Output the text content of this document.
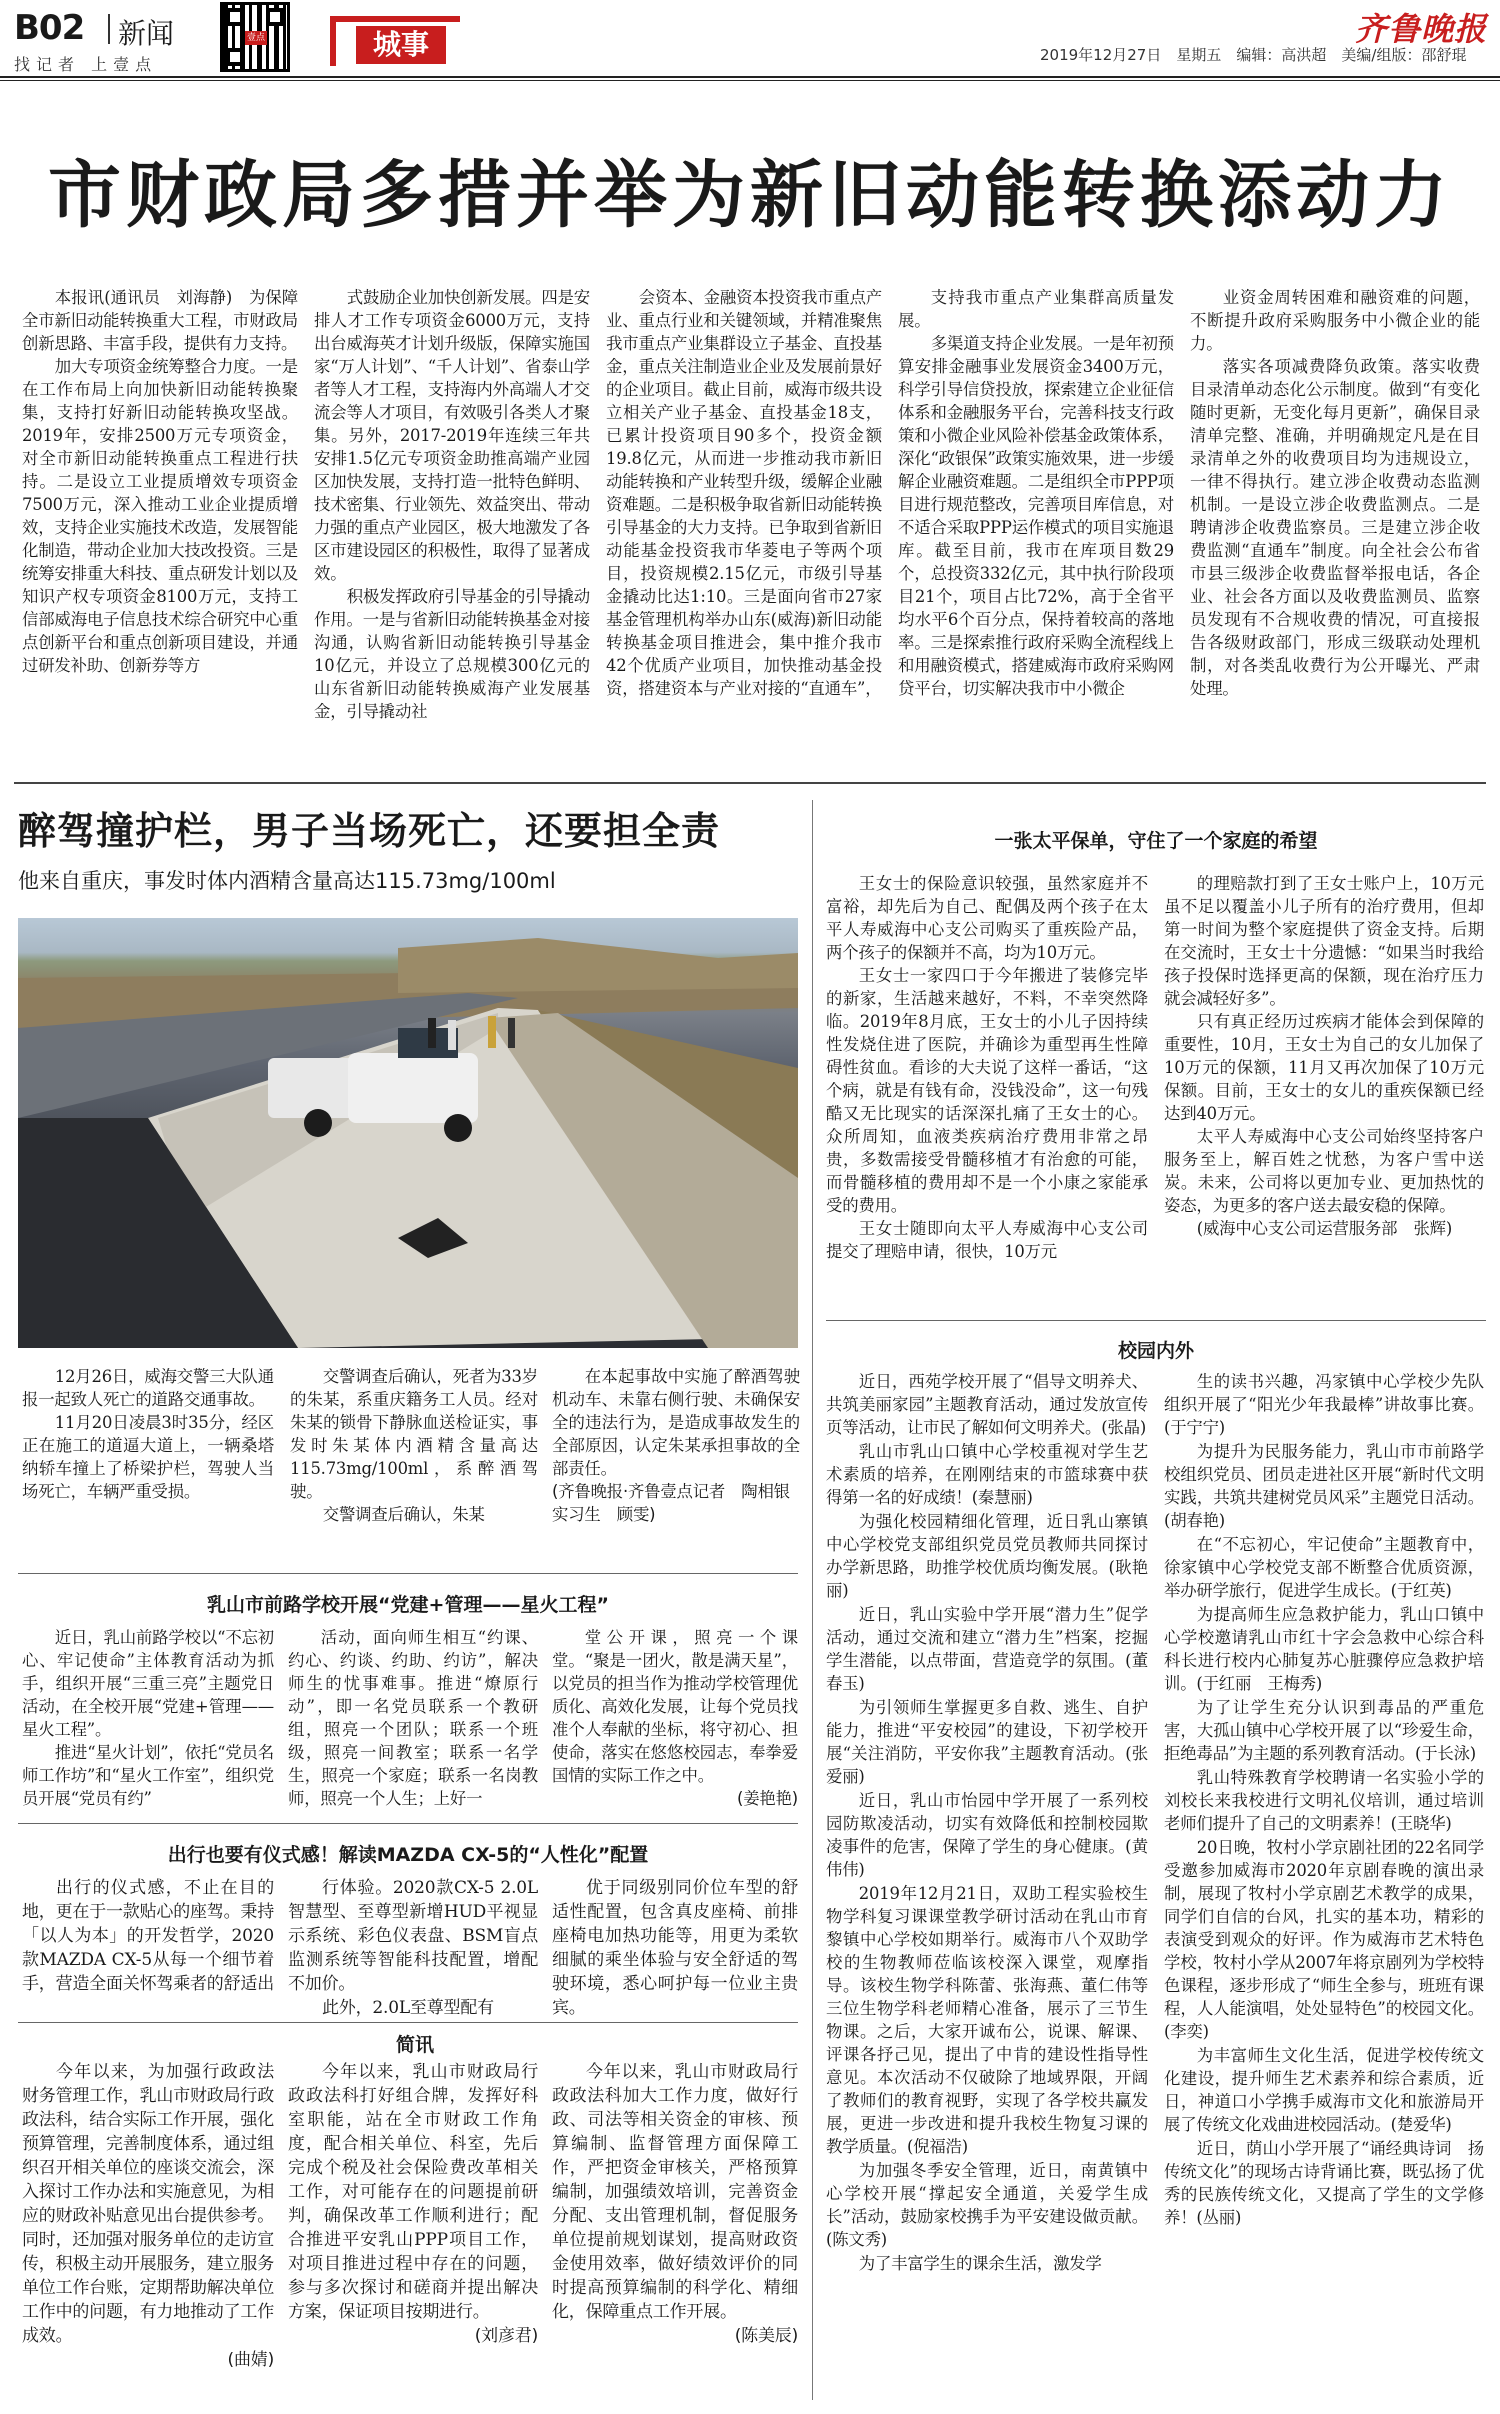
B02 新闻
找记者 上壹点
壹点	城事	2019年12月27日　 星期五　 编辑：高洪超　美编/组版：邵舒琨
齐鲁晚报
市财政局多措并举为新旧动能转换添动力

本报讯(通讯员　刘海静)　为保障全市新旧动能转换重大工程，市财政局创新思路、丰富手段，提供有力支持。

加大专项资金统筹整合力度。一是在工作布局上向加快新旧动能转换聚集，支持打好新旧动能转换攻坚战。2019年，安排2500万元专项资金，对全市新旧动能转换重点工程进行扶持。二是设立工业提质增效专项资金7500万元，深入推动工业企业提质增效，支持企业实施技术改造，发展智能化制造，带动企业加大技改投资。三是统筹安排重大科技、重点研发计划以及知识产权专项资金8100万元，支持工信部威海电子信息技术综合研究中心重点创新平台和重点创新项目建设，并通过研发补助、创新券等方

式鼓励企业加快创新发展。四是安排人才工作专项资金6000万元，支持出台威海英才计划升级版，保障实施国家“万人计划”、“千人计划”、省泰山学者等人才工程，支持海内外高端人才交流会等人才项目，有效吸引各类人才聚集。另外，2017-2019年连续三年共安排1.5亿元专项资金助推高端产业园区加快发展，支持打造一批特色鲜明、技术密集、行业领先、效益突出、带动力强的重点产业园区，极大地激发了各区市建设园区的积极性，取得了显著成效。

积极发挥政府引导基金的引导撬动作用。一是与省新旧动能转换基金对接沟通，认购省新旧动能转换引导基金10亿元，并设立了总规模300亿元的山东省新旧动能转换威海产业发展基金，引导撬动社

会资本、金融资本投资我市重点产业、重点行业和关键领域，并精准聚焦我市重点产业集群设立子基金、直投基金，重点关注制造业企业及发展前景好的企业项目。截止目前，威海市级共设立相关产业子基金、直投基金18支，已累计投资项目90多个，投资金额19.8亿元，从而进一步推动我市新旧动能转换和产业转型升级，缓解企业融资难题。二是积极争取省新旧动能转换引导基金的大力支持。已争取到省新旧动能基金投资我市华菱电子等两个项目，投资规模2.15亿元，市级引导基金撬动比达1:10。三是面向省市27家基金管理机构举办山东(威海)新旧动能转换基金项目推进会，集中推介我市42个优质产业项目，加快推动基金投资，搭建资本与产业对接的“直通车”，

支持我市重点产业集群高质量发展。

多渠道支持企业发展。一是年初预算安排金融事业发展资金3400万元，科学引导信贷投放，探索建立企业征信体系和金融服务平台，完善科技支行政策和小微企业风险补偿基金政策体系，深化“政银保”政策实施效果，进一步缓解企业融资难题。二是组织全市PPP项目进行规范整改，完善项目库信息，对不适合采取PPP运作模式的项目实施退库。截至目前，我市在库项目数29个，总投资332亿元，其中执行阶段项目21个，项目占比72%，高于全省平均水平6个百分点，保持着较高的落地率。三是探索推行政府采购全流程线上和用融资模式，搭建威海市政府采购网贷平台，切实解决我市中小微企

业资金周转困难和融资难的问题，不断提升政府采购服务中小微企业的能力。

落实各项减费降负政策。落实收费目录清单动态化公示制度。做到“有变化随时更新，无变化每月更新”，确保目录清单完整、准确，并明确规定凡是在目录清单之外的收费项目均为违规设立，一律不得执行。建立涉企收费动态监测机制。一是设立涉企收费监测点。二是聘请涉企收费监察员。三是建立涉企收费监测“直通车”制度。向全社会公布省市县三级涉企收费监督举报电话，各企业、社会各方面以及收费监测员、监察员发现有不合规收费的情况，可直接报告各级财政部门，形成三级联动处理机制，对各类乱收费行为公开曝光、严肃处理。

醉驾撞护栏，男子当场死亡，还要担全责
他来自重庆，事发时体内酒精含量高达115.73mg/100ml

12月26日，威海交警三大队通报一起致人死亡的道路交通事故。

11月20日凌晨3时35分，经区正在施工的道逼大道上，一辆桑塔纳轿车撞上了桥梁护栏，驾驶人当场死亡，车辆严重受损。

交警调查后确认，死者为33岁的朱某，系重庆籍务工人员。经对朱某的锁骨下静脉血送检证实，事发时朱某体内酒精含量高达115.73mg/100ml，系醉酒驾驶。

交警调查后确认，朱某

在本起事故中实施了醉酒驾驶机动车、未靠右侧行驶、未确保安全的违法行为，是造成事故发生的全部原因，认定朱某承担事故的全部责任。

(齐鲁晚报·齐鲁壹点记者　陶相银　实习生　顾雯)

乳山市前路学校开展“党建+管理——星火工程”

近日，乳山前路学校以“不忘初心、牢记使命”主体教育活动为抓手，组织开展“三重三亮”主题党日活动，在全校开展“党建+管理——星火工程”。

推进“星火计划”，依托“党员名师工作坊”和“星火工作室”，组织党员开展“党员有约”

活动，面向师生相互“约课、约心、约谈、约助、约访”，解决师生的忧事难事。推进“燎原行动”，即一名党员联系一个教研组，照亮一个团队；联系一个班级，照亮一间教室；联系一名学生，照亮一个家庭；联系一名岗教师，照亮一个人生；上好一

堂公开课，照亮一个课堂。“聚是一团火，散是满天星”，以党员的担当作为推动学校管理优质化、高效化发展，让每个党员找准个人奉献的坐标，将守初心、担使命，落实在悠悠校园志，奉拳爱国情的实际工作之中。

(姜艳艳)

出行也要有仪式感！解读MAZDA CX-5的“人性化”配置

出行的仪式感，不止在目的地，更在于一款贴心的座驾。秉持「以人为本」的开发哲学，2020款MAZDA CX-5从每一个细节着手，营造全面关怀驾乘者的舒适出

行体验。2020款CX-5 2.0L智慧型、至尊型新增HUD平视显示系统、彩色仪表盘、BSM盲点监测系统等智能科技配置，增配不加价。

此外，2.0L至尊型配有

优于同级别同价位车型的舒适性配置，包含真皮座椅、前排座椅电加热功能等，用更为柔软细腻的乘坐体验与安全舒适的驾驶环境，悉心呵护每一位业主贵宾。

简讯

今年以来，为加强行政政法财务管理工作，乳山市财政局行政政法科，结合实际工作开展，强化预算管理，完善制度体系，通过组织召开相关单位的座谈交流会，深入探讨工作办法和实施意见，为相应的财政补贴意见出台提供参考。同时，还加强对服务单位的走访宣传，积极主动开展服务，建立服务单位工作台账，定期帮助解决单位工作中的问题，有力地推动了工作成效。

(曲婧)

今年以来，乳山市财政局行政政法科打好组合牌，发挥好科室职能，站在全市财政工作角度，配合相关单位、科室，先后完成个税及社会保险费改革相关工作，对可能存在的问题提前研判，确保改革工作顺利进行；配合推进平安乳山PPP项目工作，对项目推进过程中存在的问题，参与多次探讨和磋商并提出解决方案，保证项目按期进行。

(刘彦君)

今年以来，乳山市财政局行政政法科加大工作力度，做好行政、司法等相关资金的审核、预算编制、监督管理方面保障工作，严把资金审核关，严格预算编制，加强绩效培训，完善资金分配、支出管理机制，督促服务单位提前规划谋划，提高财政资金使用效率，做好绩效评价的同时提高预算编制的科学化、精细化，保障重点工作开展。

(陈美辰)

一张太平保单，守住了一个家庭的希望

王女士的保险意识较强，虽然家庭并不富裕，却先后为自己、配偶及两个孩子在太平人寿威海中心支公司购买了重疾险产品，两个孩子的保额并不高，均为10万元。

王女士一家四口于今年搬进了装修完毕的新家，生活越来越好，不料，不幸突然降临。2019年8月底，王女士的小儿子因持续性发烧住进了医院，并确诊为重型再生性障碍性贫血。看诊的大夫说了这样一番话，“这个病，就是有钱有命，没钱没命”，这一句残酷又无比现实的话深深扎痛了王女士的心。众所周知，血液类疾病治疗费用非常之昂贵，多数需接受骨髓移植才有治愈的可能，而骨髓移植的费用却不是一个小康之家能承受的费用。

王女士随即向太平人寿威海中心支公司提交了理赔申请，很快，10万元

的理赔款打到了王女士账户上，10万元虽不足以覆盖小儿子所有的治疗费用，但却第一时间为整个家庭提供了资金支持。后期在交流时，王女士十分遗憾：“如果当时我给孩子投保时选择更高的保额，现在治疗压力就会减轻好多”。

只有真正经历过疾病才能体会到保障的重要性，10月，王女士为自己的女儿加保了10万元的保额，11月又再次加保了10万元保额。目前，王女士的女儿的重疾保额已经达到40万元。

太平人寿威海中心支公司始终坚持客户服务至上，解百姓之忧愁，为客户雪中送炭。未来，公司将以更加专业、更加热忱的姿态，为更多的客户送去最安稳的保障。

(威海中心支公司运营服务部　张辉)

校园内外

近日，西苑学校开展了“倡导文明养犬、共筑美丽家园”主题教育活动，通过发放宣传页等活动，让市民了解如何文明养犬。(张晶)

乳山市乳山口镇中心学校重视对学生艺术素质的培养，在刚刚结束的市篮球赛中获得第一名的好成绩！(秦慧丽)

为强化校园精细化管理，近日乳山寨镇中心学校党支部组织党员党员教师共同探讨办学新思路，助推学校优质均衡发展。(耿艳丽)

近日，乳山实验中学开展“潜力生”促学活动，通过交流和建立“潜力生”档案，挖掘学生潜能，以点带面，营造竞学的氛围。(董春玉)

为引领师生掌握更多自救、逃生、自护能力，推进“平安校园”的建设，下初学校开展“关注消防，平安你我”主题教育活动。(张爱丽)

近日，乳山市怡园中学开展了一系列校园防欺凌活动，切实有效降低和控制校园欺凌事件的危害，保障了学生的身心健康。(黄伟伟)

2019年12月21日，双助工程实验校生物学科复习课课堂教学研讨活动在乳山市育黎镇中心学校如期举行。威海市八个双助学校的生物教师莅临该校深入课堂，观摩指导。该校生物学科陈蕾、张海燕、董仁伟等三位生物学科老师精心准备，展示了三节生物课。之后，大家开诚布公，说课、解课、评课各抒己见，提出了中肯的建设性指导性意见。本次活动不仅破除了地域界限，开阔了教师们的教育视野，实现了各学校共赢发展，更进一步改进和提升我校生物复习课的教学质量。(倪福浩)

为加强冬季安全管理，近日，南黄镇中心学校开展“撑起安全通道，关爱学生成长”活动，鼓励家校携手为平安建设做贡献。(陈文秀)

为了丰富学生的课余生活，激发学

生的读书兴趣，冯家镇中心学校少先队组织开展了“阳光少年我最棒”讲故事比赛。(于宁宁)

为提升为民服务能力，乳山市市前路学校组织党员、团员走进社区开展“新时代文明实践，共筑共建树党员风采”主题党日活动。(胡春艳)

在“不忘初心，牢记使命”主题教育中，徐家镇中心学校党支部不断整合优质资源，举办研学旅行，促进学生成长。(于红英)

为提高师生应急救护能力，乳山口镇中心学校邀请乳山市红十字会急救中心综合科科长进行校内心肺复苏心脏骤停应急救护培训。(于红丽　王梅秀)

为了让学生充分认识到毒品的严重危害，大孤山镇中心学校开展了以“珍爱生命，拒绝毒品”为主题的系列教育活动。(于长泳)

乳山特殊教育学校聘请一名实验小学的刘校长来我校进行文明礼仪培训，通过培训老师们提升了自己的文明素养！(王晓华)

20日晚，牧村小学京剧社团的22名同学受邀参加威海市2020年京剧春晚的演出录制，展现了牧村小学京剧艺术教学的成果，同学们自信的台风，扎实的基本功，精彩的表演受到观众的好评。作为威海市艺术特色学校，牧村小学从2007年将京剧列为学校特色课程，逐步形成了“师生全参与，班班有课程，人人能演唱，处处显特色”的校园文化。(李奕)

为丰富师生文化生活，促进学校传统文化建设，提升师生艺术素养和综合素质，近日，神道口小学携手威海市文化和旅游局开展了传统文化戏曲进校园活动。(楚爱华)

近日，荫山小学开展了“诵经典诗词　扬传统文化”的现场古诗背诵比赛，既弘扬了优秀的民族传统文化，又提高了学生的文学修养！(丛丽)
